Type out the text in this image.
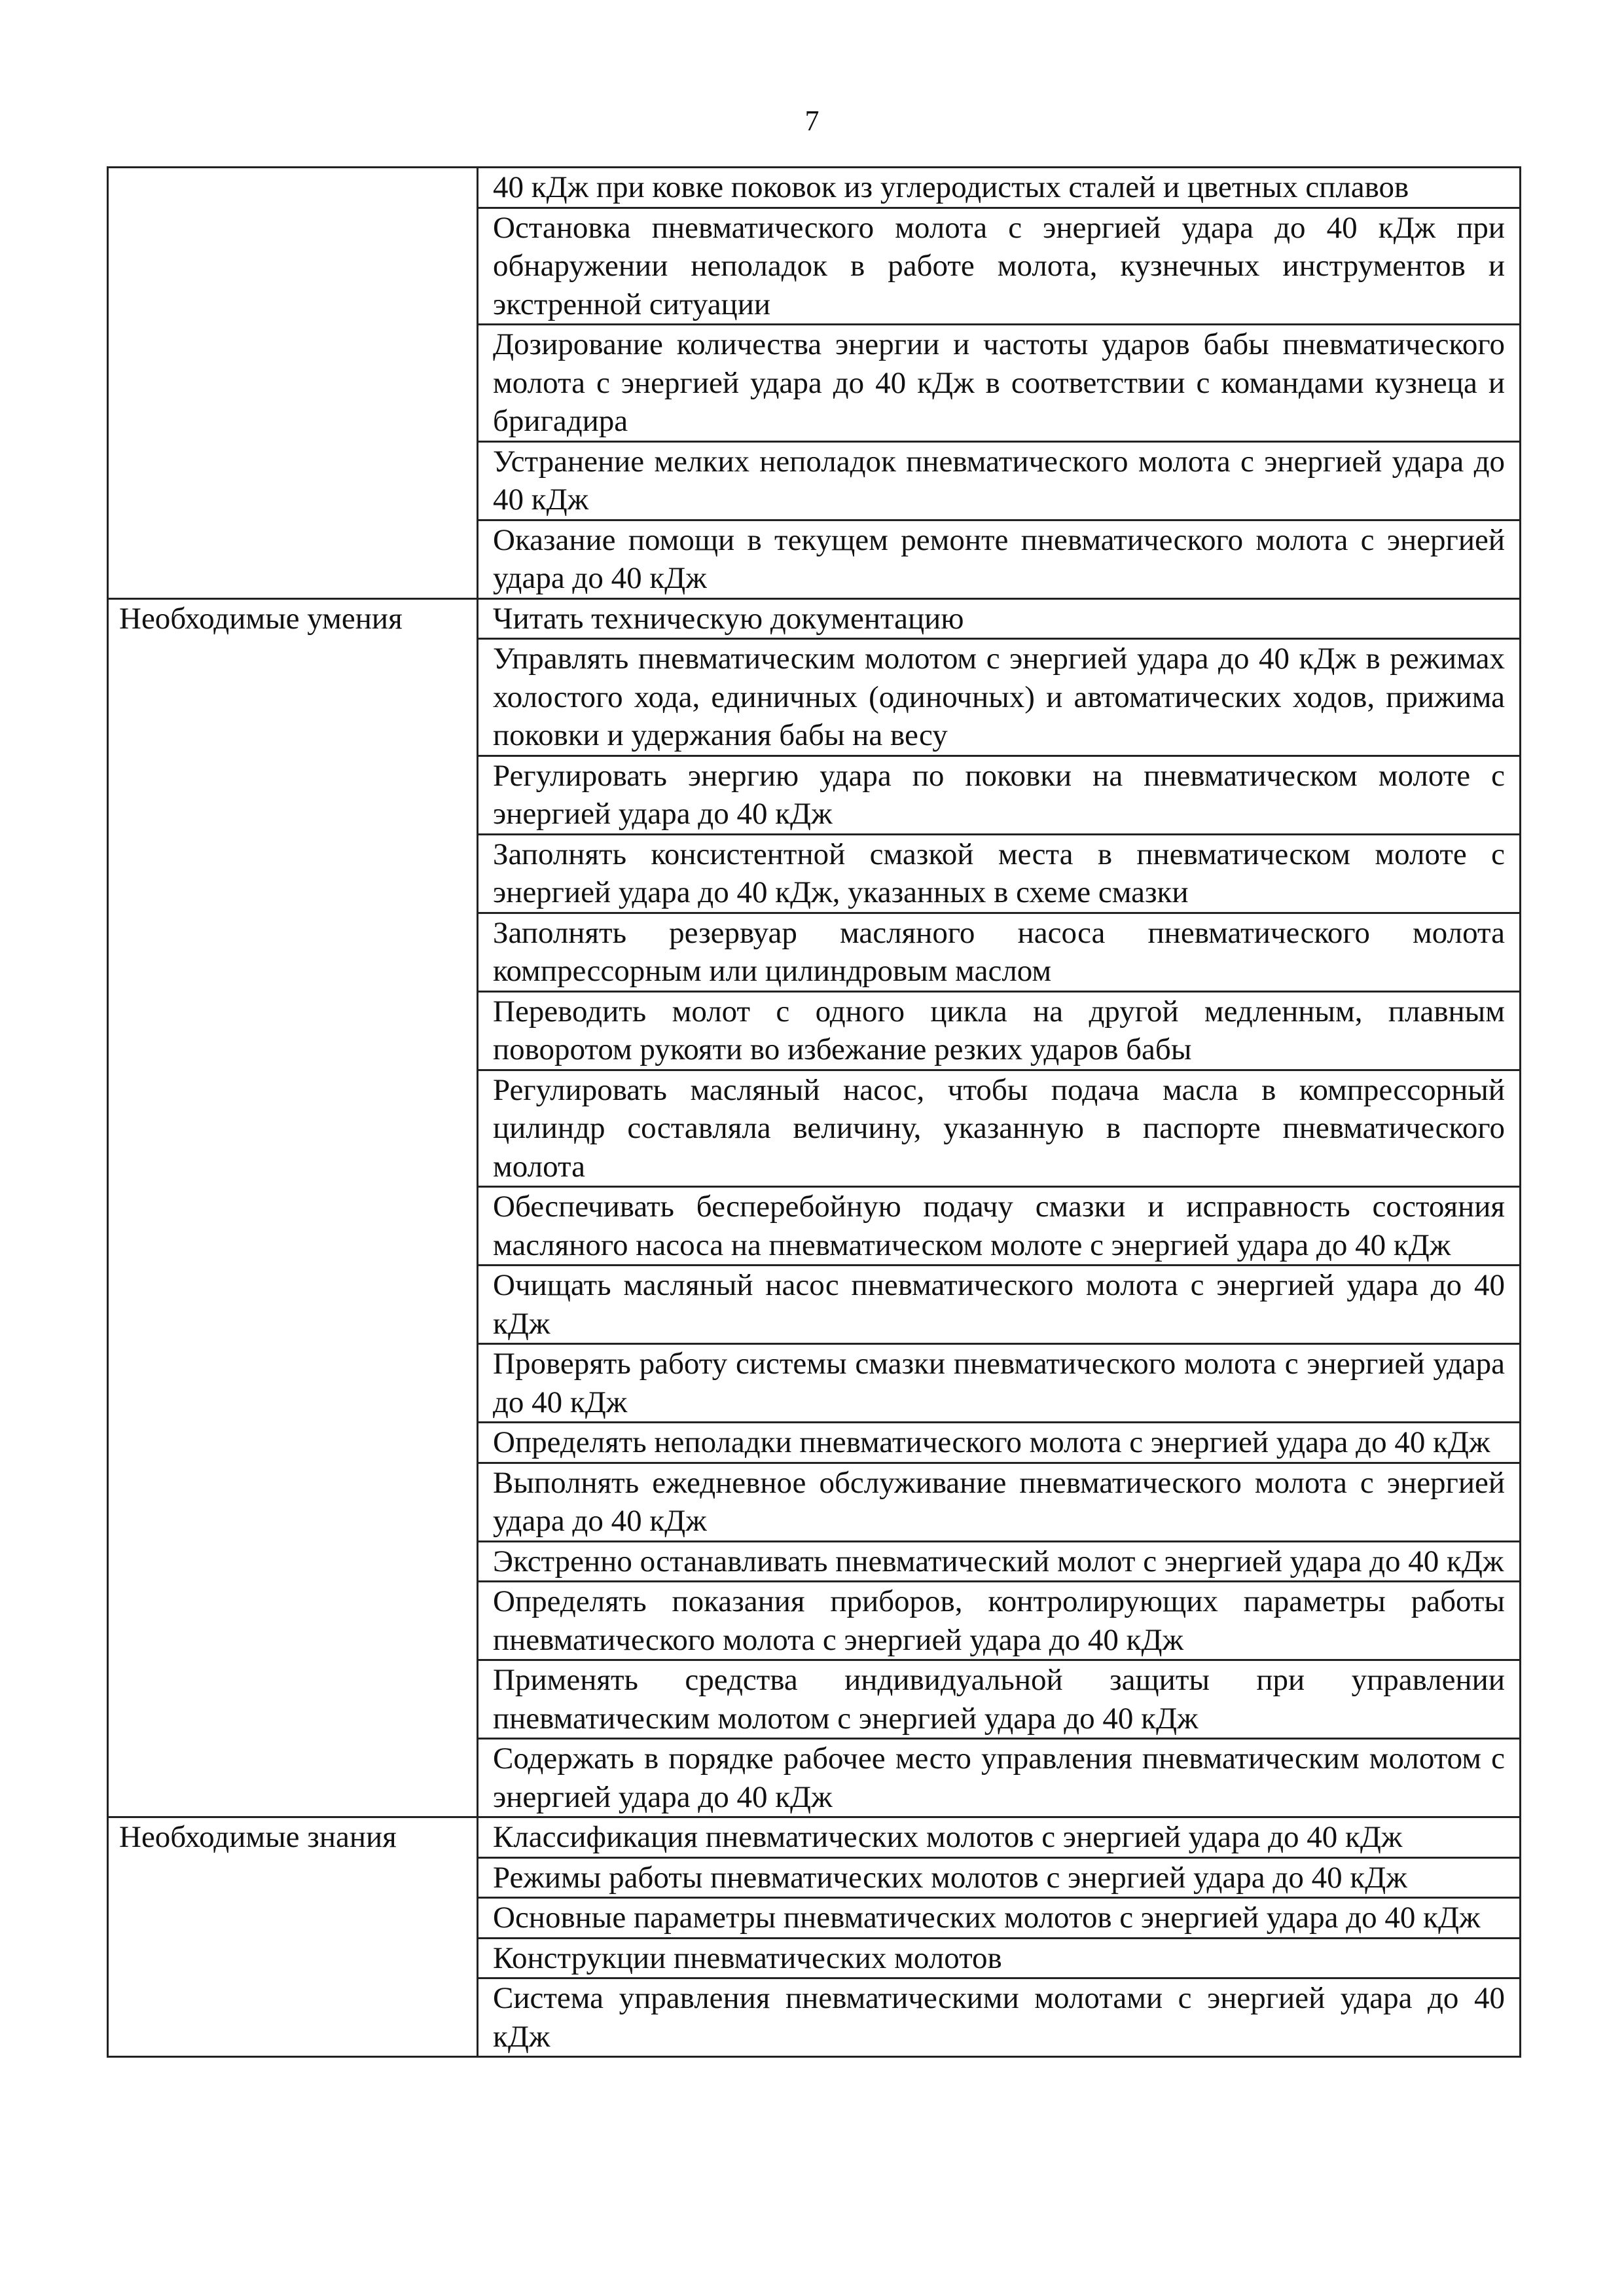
7
	40 кДж при ковке поковок из углеродистых сталей и цветных сплавов
	Остановка пневматического молота с энергией удара до 40 кДж при обнаружении неполадок в работе молота, кузнечных инструментов и экстренной ситуации
	Дозирование количества энергии и частоты ударов бабы пневматического молота с энергией удара до 40 кДж в соответствии с командами кузнеца и бригадира
	Устранение мелких неполадок пневматического молота с энергией удара до 40 кДж
	Оказание помощи в текущем ремонте пневматического молота с энергией удара до 40 кДж
Необходимые умения	Читать техническую документацию
	Управлять пневматическим молотом с энергией удара до 40 кДж в режимах холостого хода, единичных (одиночных) и автоматических ходов, прижима поковки и удержания бабы на весу
	Регулировать энергию удара по поковки на пневматическом молоте с энергией удара до 40 кДж
	Заполнять консистентной смазкой места в пневматическом молоте с энергией удара до 40 кДж, указанных в схеме смазки
	Заполнять резервуар масляного насоса пневматического молота компрессорным или цилиндровым маслом
	Переводить молот с одного цикла на другой медленным, плавным поворотом рукояти во избежание резких ударов бабы
	Регулировать масляный насос, чтобы подача масла в компрессорный цилиндр составляла величину, указанную в паспорте пневматического молота
	Обеспечивать бесперебойную подачу смазки и исправность состояния масляного насоса на пневматическом молоте с энергией удара до 40 кДж
	Очищать масляный насос пневматического молота с энергией удара до 40 кДж
	Проверять работу системы смазки пневматического молота с энергией удара до 40 кДж
	Определять неполадки пневматического молота с энергией удара до 40 кДж
	Выполнять ежедневное обслуживание пневматического молота с энергией удара до 40 кДж
	Экстренно останавливать пневматический молот с энергией удара до 40 кДж
	Определять показания приборов, контролирующих параметры работы пневматического молота с энергией удара до 40 кДж
	Применять средства индивидуальной защиты при управлении пневматическим молотом с энергией удара до 40 кДж
	Содержать в порядке рабочее место управления пневматическим молотом с энергией удара до 40 кДж
Необходимые знания	Классификация пневматических молотов с энергией удара до 40 кДж
	Режимы работы пневматических молотов с энергией удара до 40 кДж
	Основные параметры пневматических молотов с энергией удара до 40 кДж
	Конструкции пневматических молотов
	Система управления пневматическими молотами с энергией удара до 40 кДж
